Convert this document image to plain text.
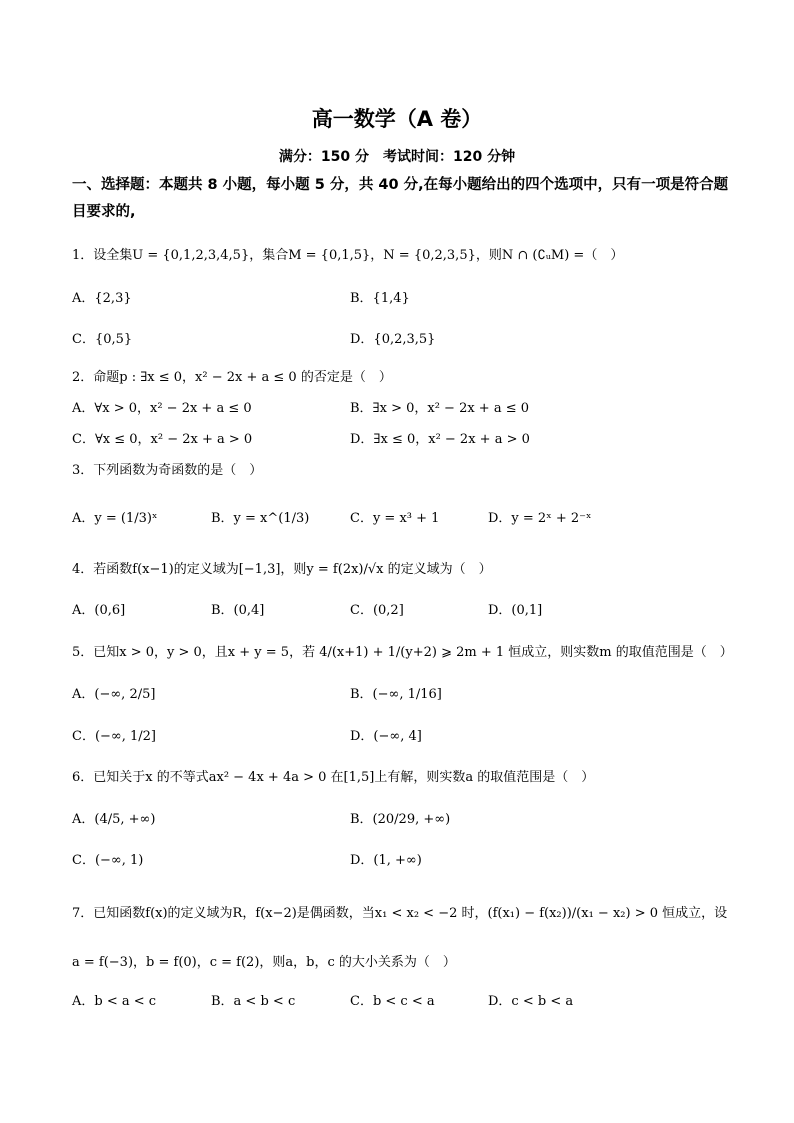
高一数学（A 卷）
满分：150 分　考试时间：120 分钟
一、选择题：本题共 8 小题，每小题 5 分，共 40 分,在每小题给出的四个选项中，只有一项是符合题目要求的,
1．设全集U = {0,1,2,3,4,5}，集合M = {0,1,5}，N = {0,2,3,5}，则N ∩ (∁ᵤM) =（　）
A．{2,3}	B．{1,4}
C．{0,5}	D．{0,2,3,5}
2．命题p : ∃x ≤ 0，x² − 2x + a ≤ 0 的否定是（　）
A．∀x > 0，x² − 2x + a ≤ 0	B．∃x > 0，x² − 2x + a ≤ 0
C．∀x ≤ 0，x² − 2x + a > 0	D．∃x ≤ 0，x² − 2x + a > 0
3．下列函数为奇函数的是（　）
A．y = (1/3)ˣ	B．y = x^(1/3)	C．y = x³ + 1	D．y = 2ˣ + 2⁻ˣ
4．若函数f(x−1)的定义域为[−1,3]，则y = f(2x)/√x 的定义域为（　）
A．(0,6]	B．(0,4]	C．(0,2]	D．(0,1]
5．已知x > 0，y > 0，且x + y = 5，若 4/(x+1) + 1/(y+2) ⩾ 2m + 1 恒成立，则实数m 的取值范围是（　）
A．(−∞, 2/5]	B．(−∞, 1/16]
C．(−∞, 1/2]	D．(−∞, 4]
6．已知关于x 的不等式ax² − 4x + 4a > 0 在[1,5]上有解，则实数a 的取值范围是（　）
A．(4/5, +∞)	B．(20/29, +∞)
C．(−∞, 1)	D．(1, +∞)
7．已知函数f(x)的定义域为R，f(x−2)是偶函数，当x₁ < x₂ < −2 时，(f(x₁) − f(x₂))/(x₁ − x₂) > 0 恒成立，设
a = f(−3)，b = f(0)，c = f(2)，则a，b，c 的大小关系为（　）
A．b < a < c	B．a < b < c	C．b < c < a	D．c < b < a
